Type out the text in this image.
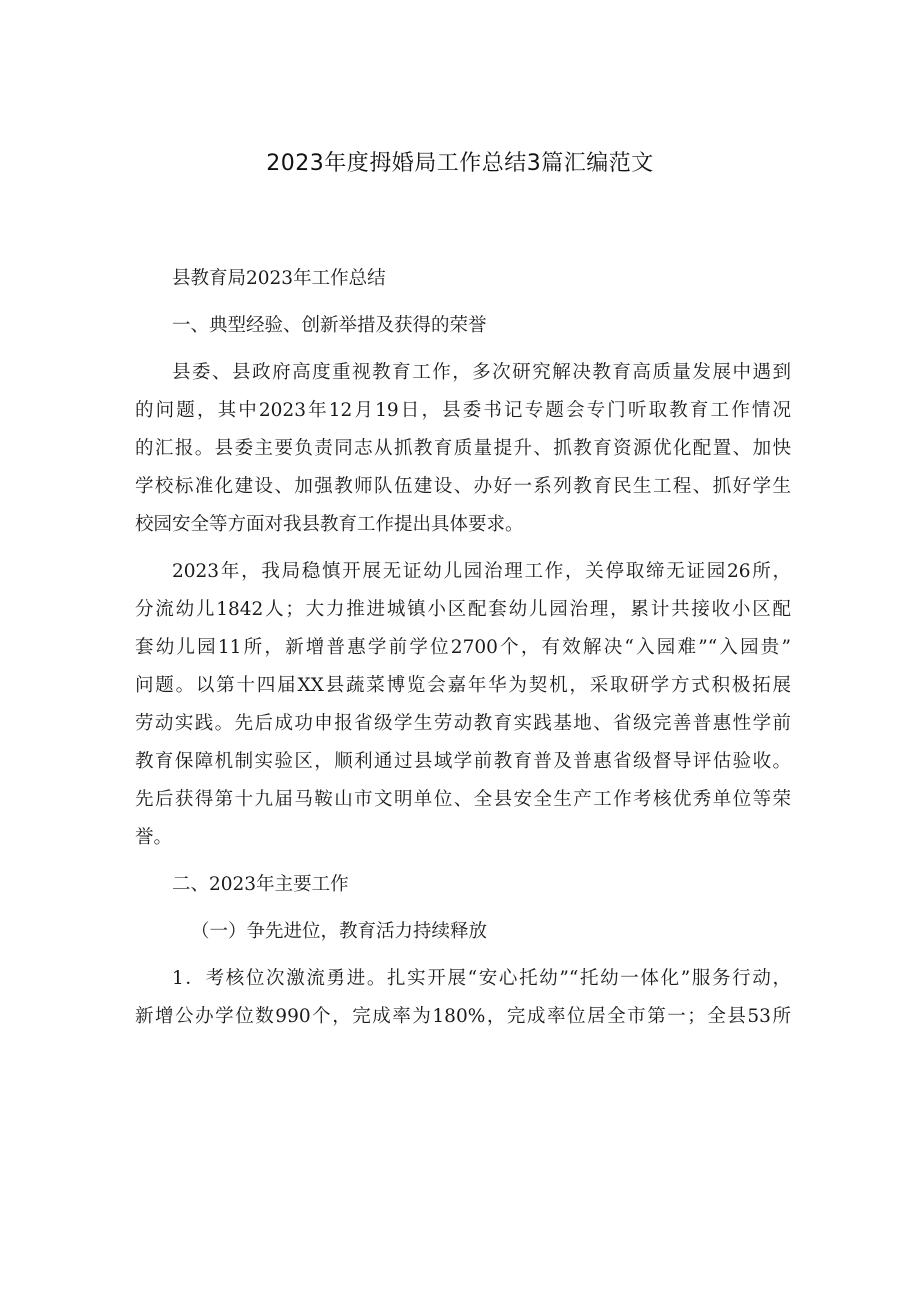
2023年度拇婚局工作总结3篇汇编范文

县教育局2023年工作总结

一、典型经验、创新举措及获得的荣誉

县委、县政府高度重视教育工作，多次研究解决教育高质量发展中遇到
的问题，其中2023年12月19日，县委书记专题会专门听取教育工作情况
的汇报。县委主要负责同志从抓教育质量提升、抓教育资源优化配置、加快
学校标准化建设、加强教师队伍建设、办好一系列教育民生工程、抓好学生
校园安全等方面对我县教育工作提出具体要求。

2023年，我局稳慎开展无证幼儿园治理工作，关停取缔无证园26所，
分流幼儿1842人；大力推进城镇小区配套幼儿园治理，累计共接收小区配
套幼儿园11所，新增普惠学前学位2700个，有效解决“入园难”“入园贵”
问题。以第十四届XX县蔬菜博览会嘉年华为契机，采取研学方式积极拓展
劳动实践。先后成功申报省级学生劳动教育实践基地、省级完善普惠性学前
教育保障机制实验区，顺利通过县域学前教育普及普惠省级督导评估验收。
先后获得第十九届马鞍山市文明单位、全县安全生产工作考核优秀单位等荣
誉。

二、2023年主要工作

（一）争先进位，教育活力持续释放

1．考核位次激流勇进。扎实开展“安心托幼”“托幼一体化”服务行动，
新增公办学位数990个，完成率为180%，完成率位居全市第一；全县53所
